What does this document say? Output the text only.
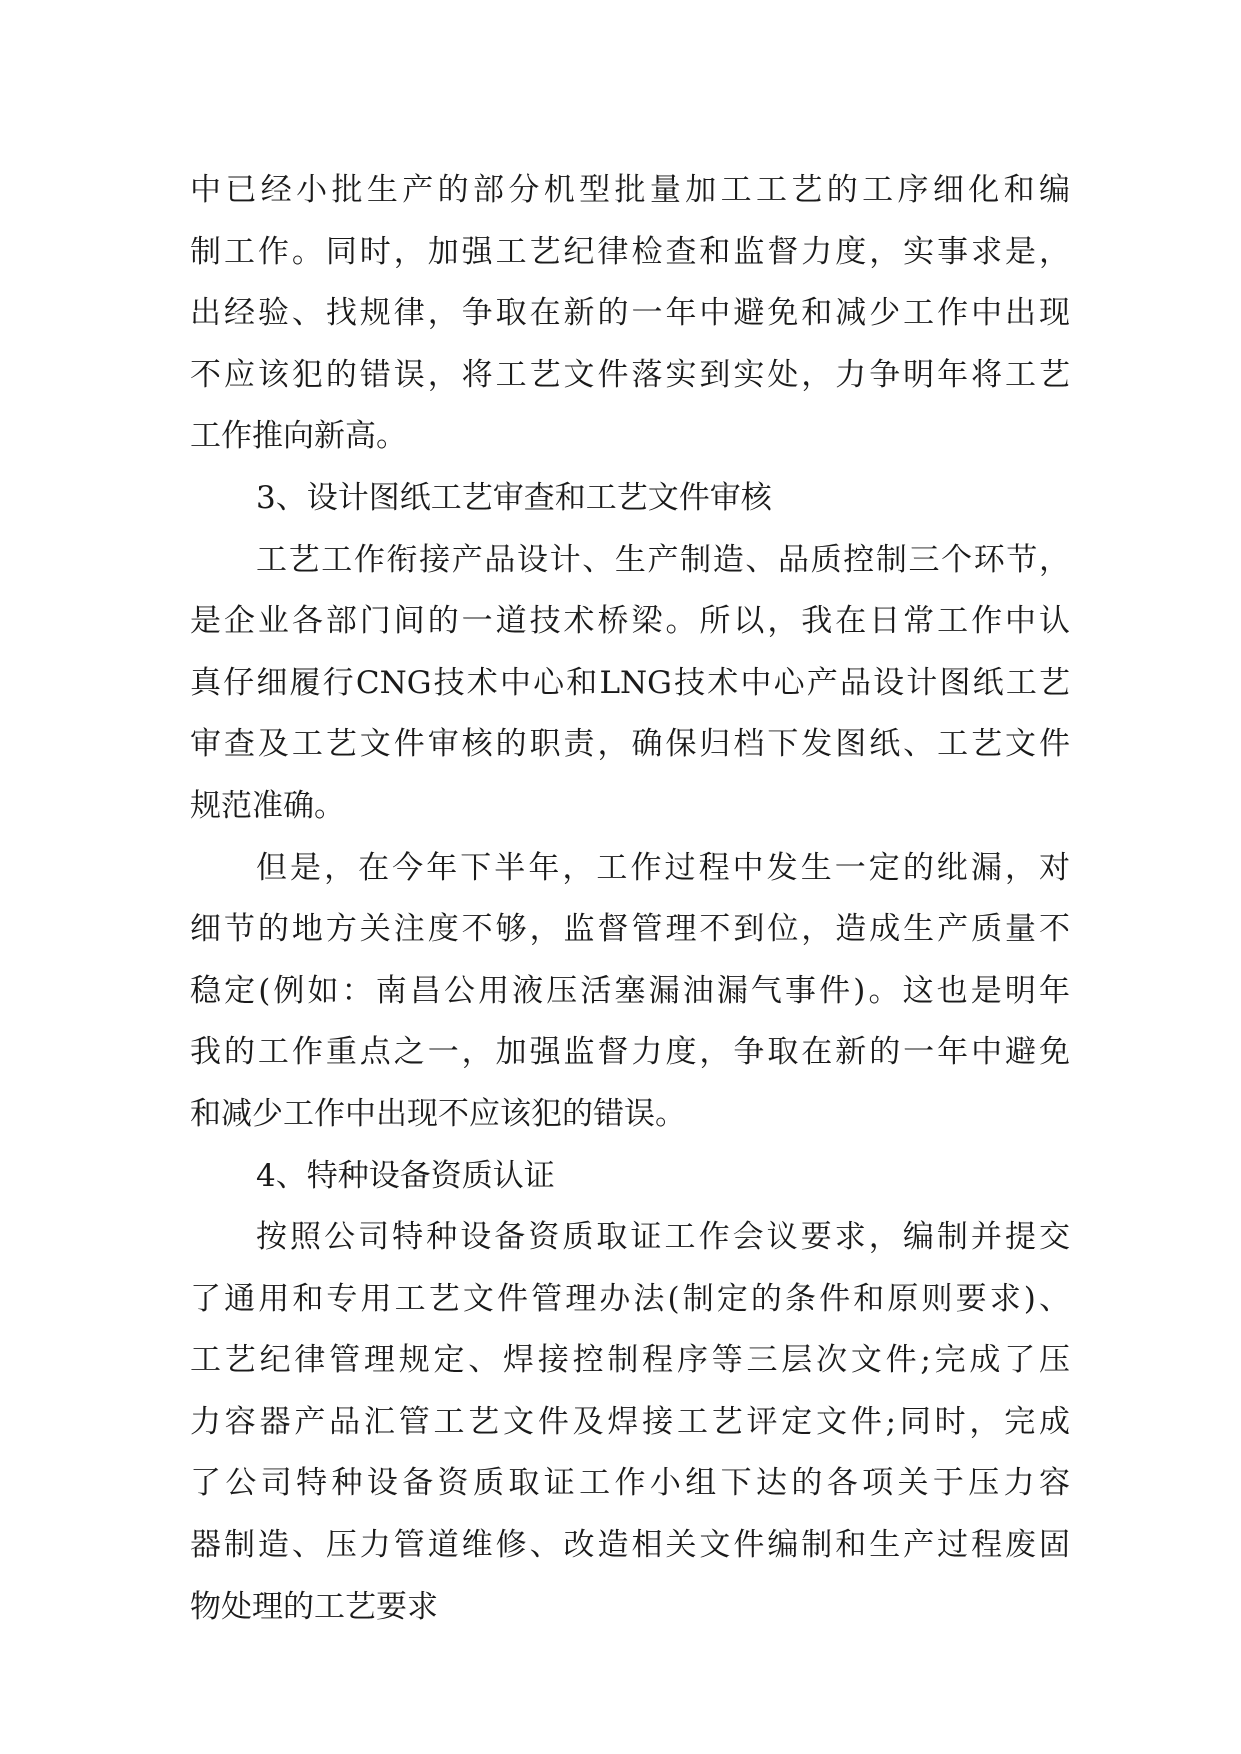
中已经小批生产的部分机型批量加工工艺的工序细化和编
制工作。同时，加强工艺纪律检查和监督力度，实事求是，
出经验、找规律，争取在新的一年中避免和减少工作中出现
不应该犯的错误，将工艺文件落实到实处，力争明年将工艺
工作推向新高。
3、设计图纸工艺审查和工艺文件审核
工艺工作衔接产品设计、生产制造、品质控制三个环节，
是企业各部门间的一道技术桥梁。所以，我在日常工作中认
真仔细履行CNG技术中心和LNG技术中心产品设计图纸工艺
审查及工艺文件审核的职责，确保归档下发图纸、工艺文件
规范准确。
但是，在今年下半年，工作过程中发生一定的纰漏，对
细节的地方关注度不够，监督管理不到位，造成生产质量不
稳定(例如：南昌公用液压活塞漏油漏气事件)。这也是明年
我的工作重点之一，加强监督力度，争取在新的一年中避免
和减少工作中出现不应该犯的错误。
4、特种设备资质认证
按照公司特种设备资质取证工作会议要求，编制并提交
了通用和专用工艺文件管理办法(制定的条件和原则要求)、
工艺纪律管理规定、焊接控制程序等三层次文件;完成了压
力容器产品汇管工艺文件及焊接工艺评定文件;同时，完成
了公司特种设备资质取证工作小组下达的各项关于压力容
器制造、压力管道维修、改造相关文件编制和生产过程废固
物处理的工艺要求
